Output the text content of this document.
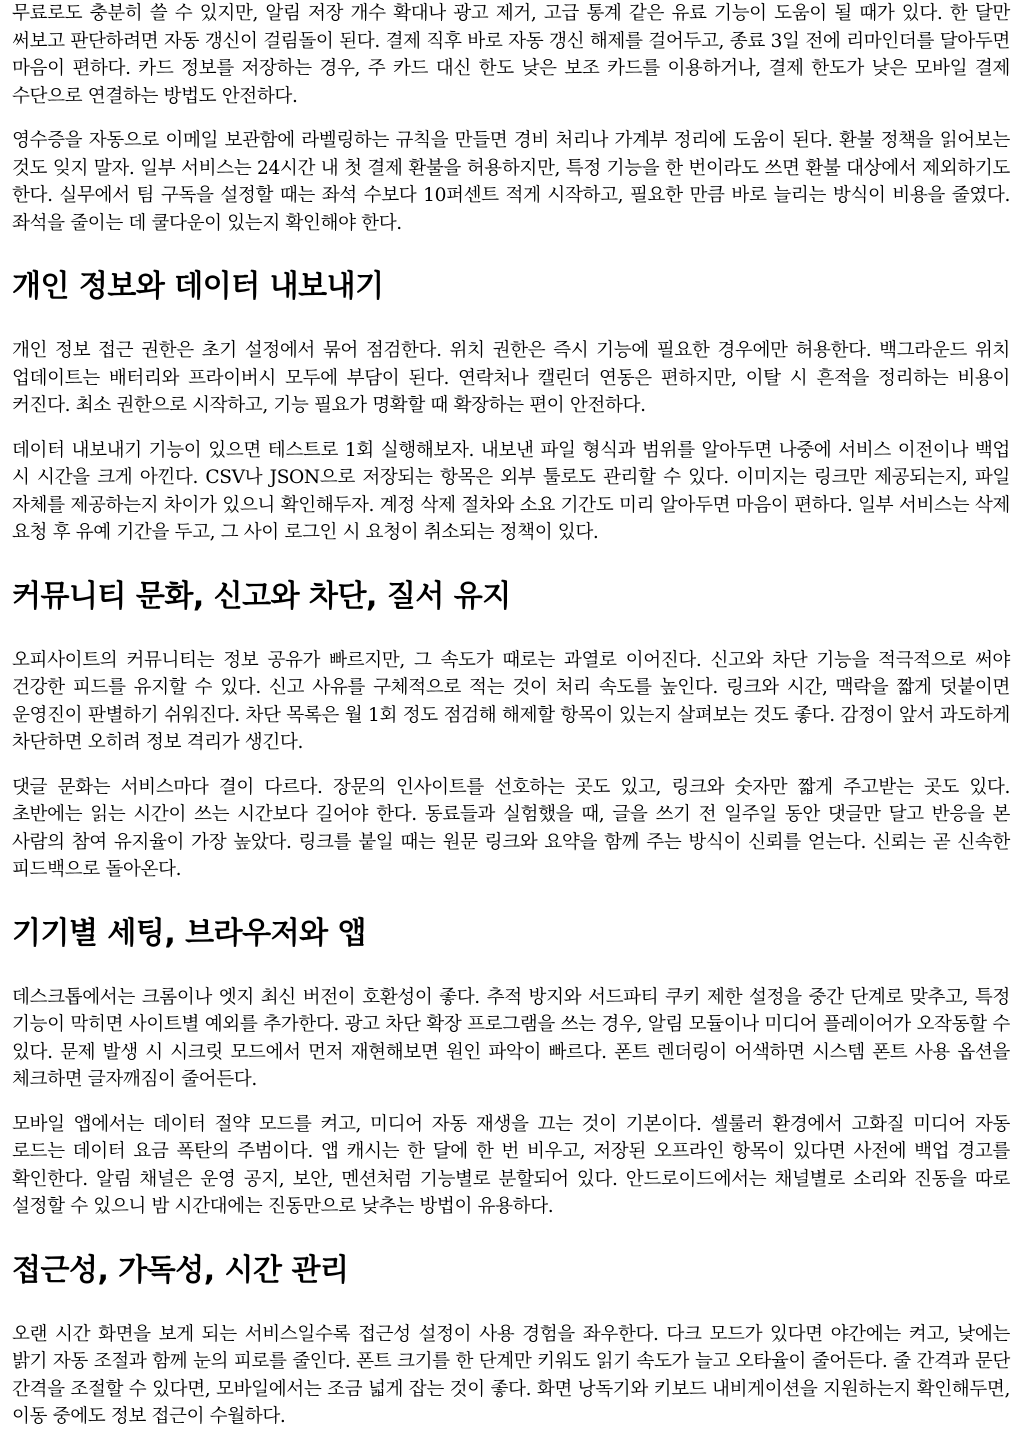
무료로도 충분히 쓸 수 있지만, 알림 저장 개수 확대나 광고 제거, 고급 통계 같은 유료 기능이 도움이 될 때가 있다. 한 달만 써보고 판단하려면 자동 갱신이 걸림돌이 된다. 결제 직후 바로 자동 갱신 해제를 걸어두고, 종료 3일 전에 리마인더를 달아두면 마음이 편하다. 카드 정보를 저장하는 경우, 주 카드 대신 한도 낮은 보조 카드를 이용하거나, 결제 한도가 낮은 모바일 결제 수단으로 연결하는 방법도 안전하다.

영수증을 자동으로 이메일 보관함에 라벨링하는 규칙을 만들면 경비 처리나 가계부 정리에 도움이 된다. 환불 정책을 읽어보는 것도 잊지 말자. 일부 서비스는 24시간 내 첫 결제 환불을 허용하지만, 특정 기능을 한 번이라도 쓰면 환불 대상에서 제외하기도 한다. 실무에서 팀 구독을 설정할 때는 좌석 수보다 10퍼센트 적게 시작하고, 필요한 만큼 바로 늘리는 방식이 비용을 줄였다. 좌석을 줄이는 데 쿨다운이 있는지 확인해야 한다.

개인 정보와 데이터 내보내기

개인 정보 접근 권한은 초기 설정에서 묶어 점검한다. 위치 권한은 즉시 기능에 필요한 경우에만 허용한다. 백그라운드 위치 업데이트는 배터리와 프라이버시 모두에 부담이 된다. 연락처나 캘린더 연동은 편하지만, 이탈 시 흔적을 정리하는 비용이 커진다. 최소 권한으로 시작하고, 기능 필요가 명확할 때 확장하는 편이 안전하다.

데이터 내보내기 기능이 있으면 테스트로 1회 실행해보자. 내보낸 파일 형식과 범위를 알아두면 나중에 서비스 이전이나 백업 시 시간을 크게 아낀다. CSV나 JSON으로 저장되는 항목은 외부 툴로도 관리할 수 있다. 이미지는 링크만 제공되는지, 파일 자체를 제공하는지 차이가 있으니 확인해두자. 계정 삭제 절차와 소요 기간도 미리 알아두면 마음이 편하다. 일부 서비스는 삭제 요청 후 유예 기간을 두고, 그 사이 로그인 시 요청이 취소되는 정책이 있다.

커뮤니티 문화, 신고와 차단, 질서 유지

오피사이트의 커뮤니티는 정보 공유가 빠르지만, 그 속도가 때로는 과열로 이어진다. 신고와 차단 기능을 적극적으로 써야 건강한 피드를 유지할 수 있다. 신고 사유를 구체적으로 적는 것이 처리 속도를 높인다. 링크와 시간, 맥락을 짧게 덧붙이면 운영진이 판별하기 쉬워진다. 차단 목록은 월 1회 정도 점검해 해제할 항목이 있는지 살펴보는 것도 좋다. 감정이 앞서 과도하게 차단하면 오히려 정보 격리가 생긴다.

댓글 문화는 서비스마다 결이 다르다. 장문의 인사이트를 선호하는 곳도 있고, 링크와 숫자만 짧게 주고받는 곳도 있다. 초반에는 읽는 시간이 쓰는 시간보다 길어야 한다. 동료들과 실험했을 때, 글을 쓰기 전 일주일 동안 댓글만 달고 반응을 본 사람의 참여 유지율이 가장 높았다. 링크를 붙일 때는 원문 링크와 요약을 함께 주는 방식이 신뢰를 얻는다. 신뢰는 곧 신속한 피드백으로 돌아온다.

기기별 세팅, 브라우저와 앱

데스크톱에서는 크롬이나 엣지 최신 버전이 호환성이 좋다. 추적 방지와 서드파티 쿠키 제한 설정을 중간 단계로 맞추고, 특정 기능이 막히면 사이트별 예외를 추가한다. 광고 차단 확장 프로그램을 쓰는 경우, 알림 모듈이나 미디어 플레이어가 오작동할 수 있다. 문제 발생 시 시크릿 모드에서 먼저 재현해보면 원인 파악이 빠르다. 폰트 렌더링이 어색하면 시스템 폰트 사용 옵션을 체크하면 글자깨짐이 줄어든다.

모바일 앱에서는 데이터 절약 모드를 켜고, 미디어 자동 재생을 끄는 것이 기본이다. 셀룰러 환경에서 고화질 미디어 자동 로드는 데이터 요금 폭탄의 주범이다. 앱 캐시는 한 달에 한 번 비우고, 저장된 오프라인 항목이 있다면 사전에 백업 경고를 확인한다. 알림 채널은 운영 공지, 보안, 멘션처럼 기능별로 분할되어 있다. 안드로이드에서는 채널별로 소리와 진동을 따로 설정할 수 있으니 밤 시간대에는 진동만으로 낮추는 방법이 유용하다.

접근성, 가독성, 시간 관리

오랜 시간 화면을 보게 되는 서비스일수록 접근성 설정이 사용 경험을 좌우한다. 다크 모드가 있다면 야간에는 켜고, 낮에는 밝기 자동 조절과 함께 눈의 피로를 줄인다. 폰트 크기를 한 단계만 키워도 읽기 속도가 늘고 오타율이 줄어든다. 줄 간격과 문단 간격을 조절할 수 있다면, 모바일에서는 조금 넓게 잡는 것이 좋다. 화면 낭독기와 키보드 내비게이션을 지원하는지 확인해두면, 이동 중에도 정보 접근이 수월하다.
